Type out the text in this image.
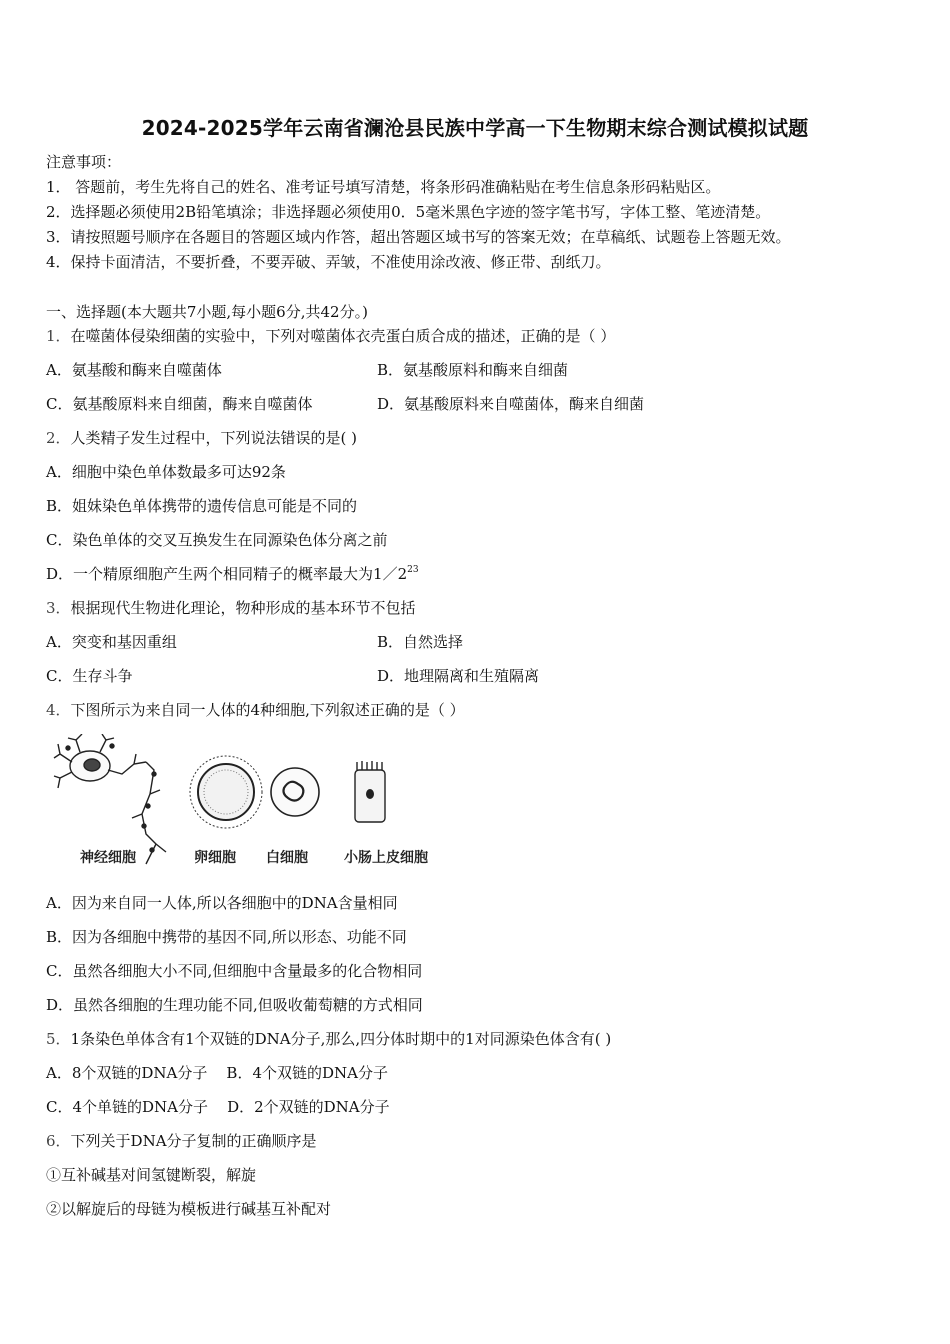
2024-2025学年云南省澜沧县民族中学高一下生物期末综合测试模拟试题
注意事项：
1． 答题前，考生先将自己的姓名、准考证号填写清楚，将条形码准确粘贴在考生信息条形码粘贴区。
2．选择题必须使用2B铅笔填涂；非选择题必须使用0．5毫米黑色字迹的签字笔书写，字体工整、笔迹清楚。
3．请按照题号顺序在各题目的答题区域内作答，超出答题区域书写的答案无效；在草稿纸、试题卷上答题无效。
4．保持卡面清洁，不要折叠，不要弄破、弄皱，不准使用涂改液、修正带、刮纸刀。
一、选择题(本大题共7小题,每小题6分,共42分。)
1．在噬菌体侵染细菌的实验中，下列对噬菌体衣壳蛋白质合成的描述，正确的是（ ）
A．氨基酸和酶来自噬菌体	B．氨基酸原料和酶来自细菌
C．氨基酸原料来自细菌，酶来自噬菌体	D．氨基酸原料来自噬菌体，酶来自细菌
2．人类精子发生过程中，下列说法错误的是( )
A．细胞中染色单体数最多可达92条
B．姐妹染色单体携带的遗传信息可能是不同的
C．染色单体的交叉互换发生在同源染色体分离之前
D．一个精原细胞产生两个相同精子的概率最大为$1/2^{23}$
3．根据现代生物进化理论，物种形成的基本环节不包括
A．突变和基因重组	B．自然选择
C．生存斗争	D．地理隔离和生殖隔离
4．下图所示为来自同一人体的4种细胞,下列叙述正确的是（ ）
神经细胞	卵细胞 白细胞	小肠上皮细胞
A．因为来自同一人体,所以各细胞中的DNA含量相同
B．因为各细胞中携带的基因不同,所以形态、功能不同
C．虽然各细胞大小不同,但细胞中含量最多的化合物相同
D．虽然各细胞的生理功能不同,但吸收葡萄糖的方式相同
5．1条染色单体含有1个双链的DNA分子,那么,四分体时期中的1对同源染色体含有( )
A．8个双链的DNA分子    B．4个双链的DNA分子
C．4个单链的DNA分子    D．2个双链的DNA分子
6．下列关于DNA分子复制的正确顺序是
①互补碱基对间氢键断裂，解旋
②以解旋后的母链为模板进行碱基互补配对
